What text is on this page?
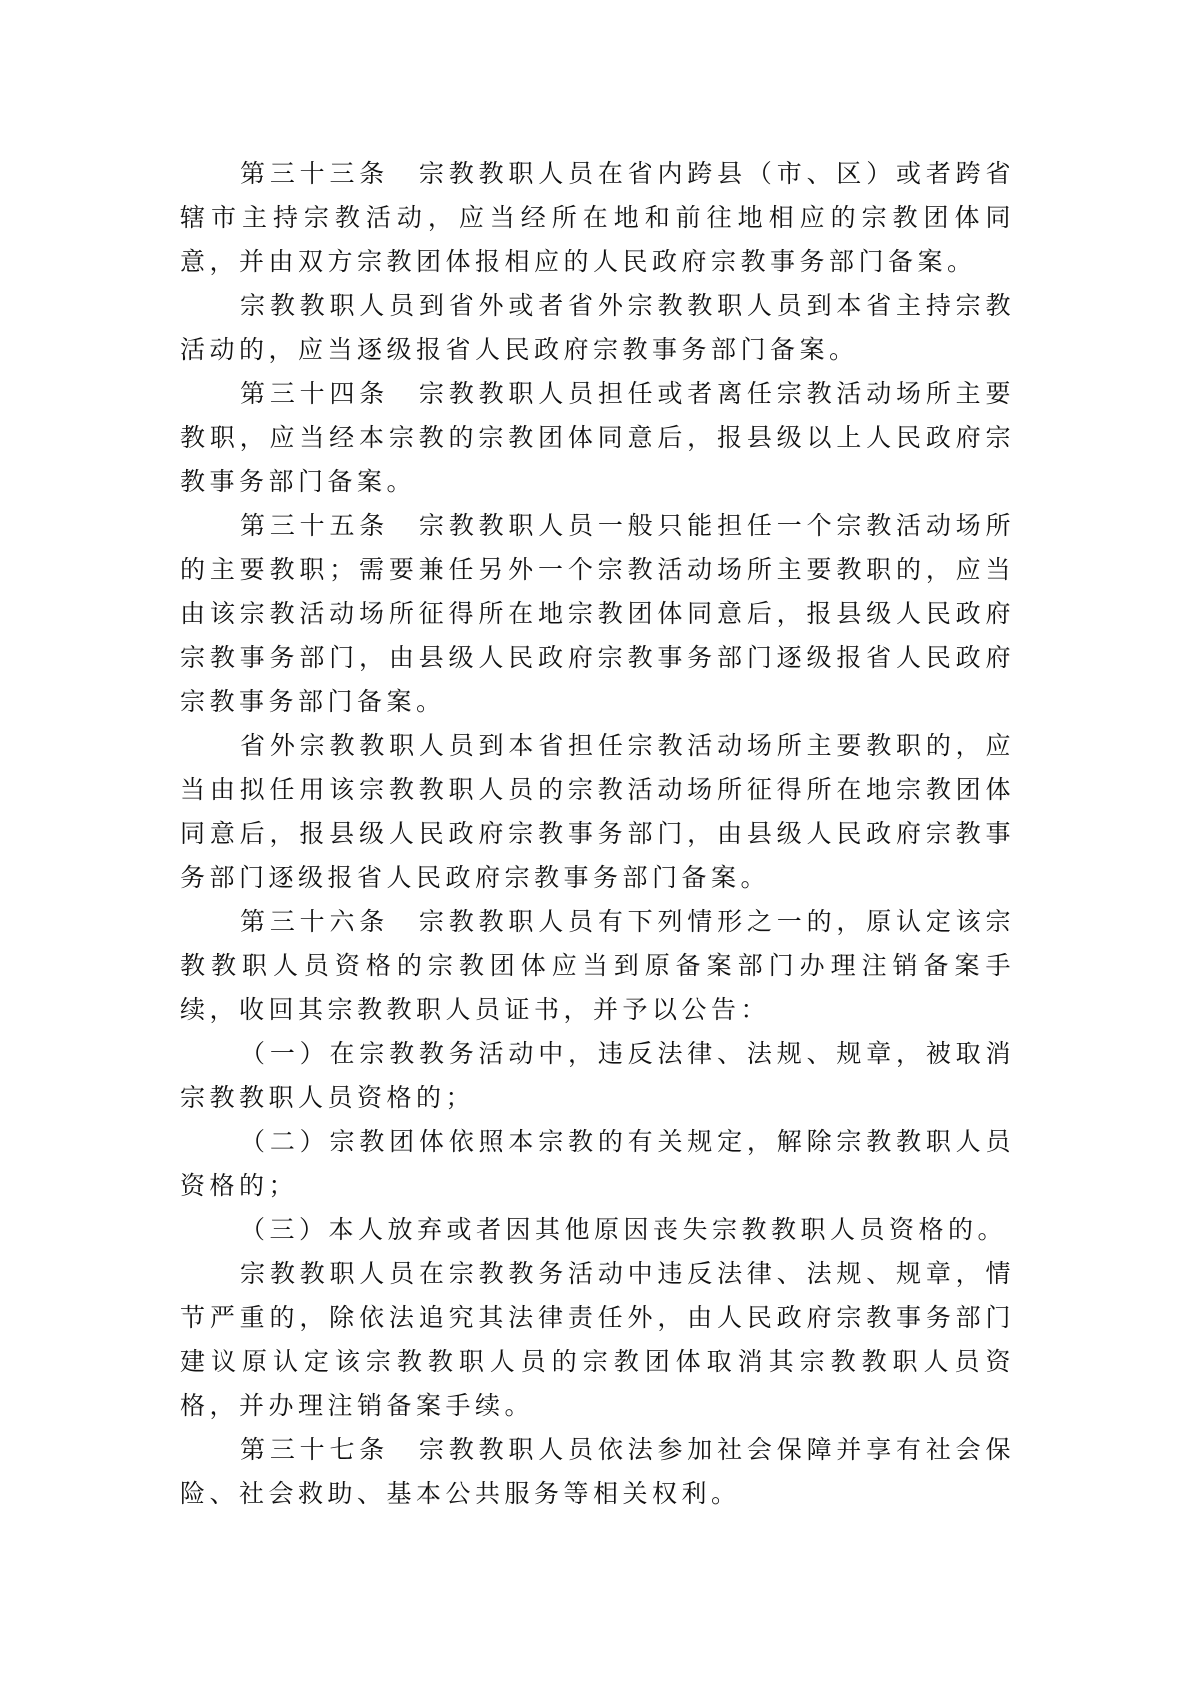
第三十三条　宗教教职人员在省内跨县（市、区）或者跨省辖市主持宗教活动，应当经所在地和前往地相应的宗教团体同意，并由双方宗教团体报相应的人民政府宗教事务部门备案。

宗教教职人员到省外或者省外宗教教职人员到本省主持宗教活动的，应当逐级报省人民政府宗教事务部门备案。

第三十四条　宗教教职人员担任或者离任宗教活动场所主要教职，应当经本宗教的宗教团体同意后，报县级以上人民政府宗教事务部门备案。

第三十五条　宗教教职人员一般只能担任一个宗教活动场所的主要教职；需要兼任另外一个宗教活动场所主要教职的，应当由该宗教活动场所征得所在地宗教团体同意后，报县级人民政府宗教事务部门，由县级人民政府宗教事务部门逐级报省人民政府宗教事务部门备案。

省外宗教教职人员到本省担任宗教活动场所主要教职的，应当由拟任用该宗教教职人员的宗教活动场所征得所在地宗教团体同意后，报县级人民政府宗教事务部门，由县级人民政府宗教事务部门逐级报省人民政府宗教事务部门备案。

第三十六条　宗教教职人员有下列情形之一的，原认定该宗教教职人员资格的宗教团体应当到原备案部门办理注销备案手续，收回其宗教教职人员证书，并予以公告：

（一）在宗教教务活动中，违反法律、法规、规章，被取消宗教教职人员资格的；

（二）宗教团体依照本宗教的有关规定，解除宗教教职人员资格的；

（三）本人放弃或者因其他原因丧失宗教教职人员资格的。

宗教教职人员在宗教教务活动中违反法律、法规、规章，情节严重的，除依法追究其法律责任外，由人民政府宗教事务部门建议原认定该宗教教职人员的宗教团体取消其宗教教职人员资格，并办理注销备案手续。

第三十七条　宗教教职人员依法参加社会保障并享有社会保险、社会救助、基本公共服务等相关权利。
